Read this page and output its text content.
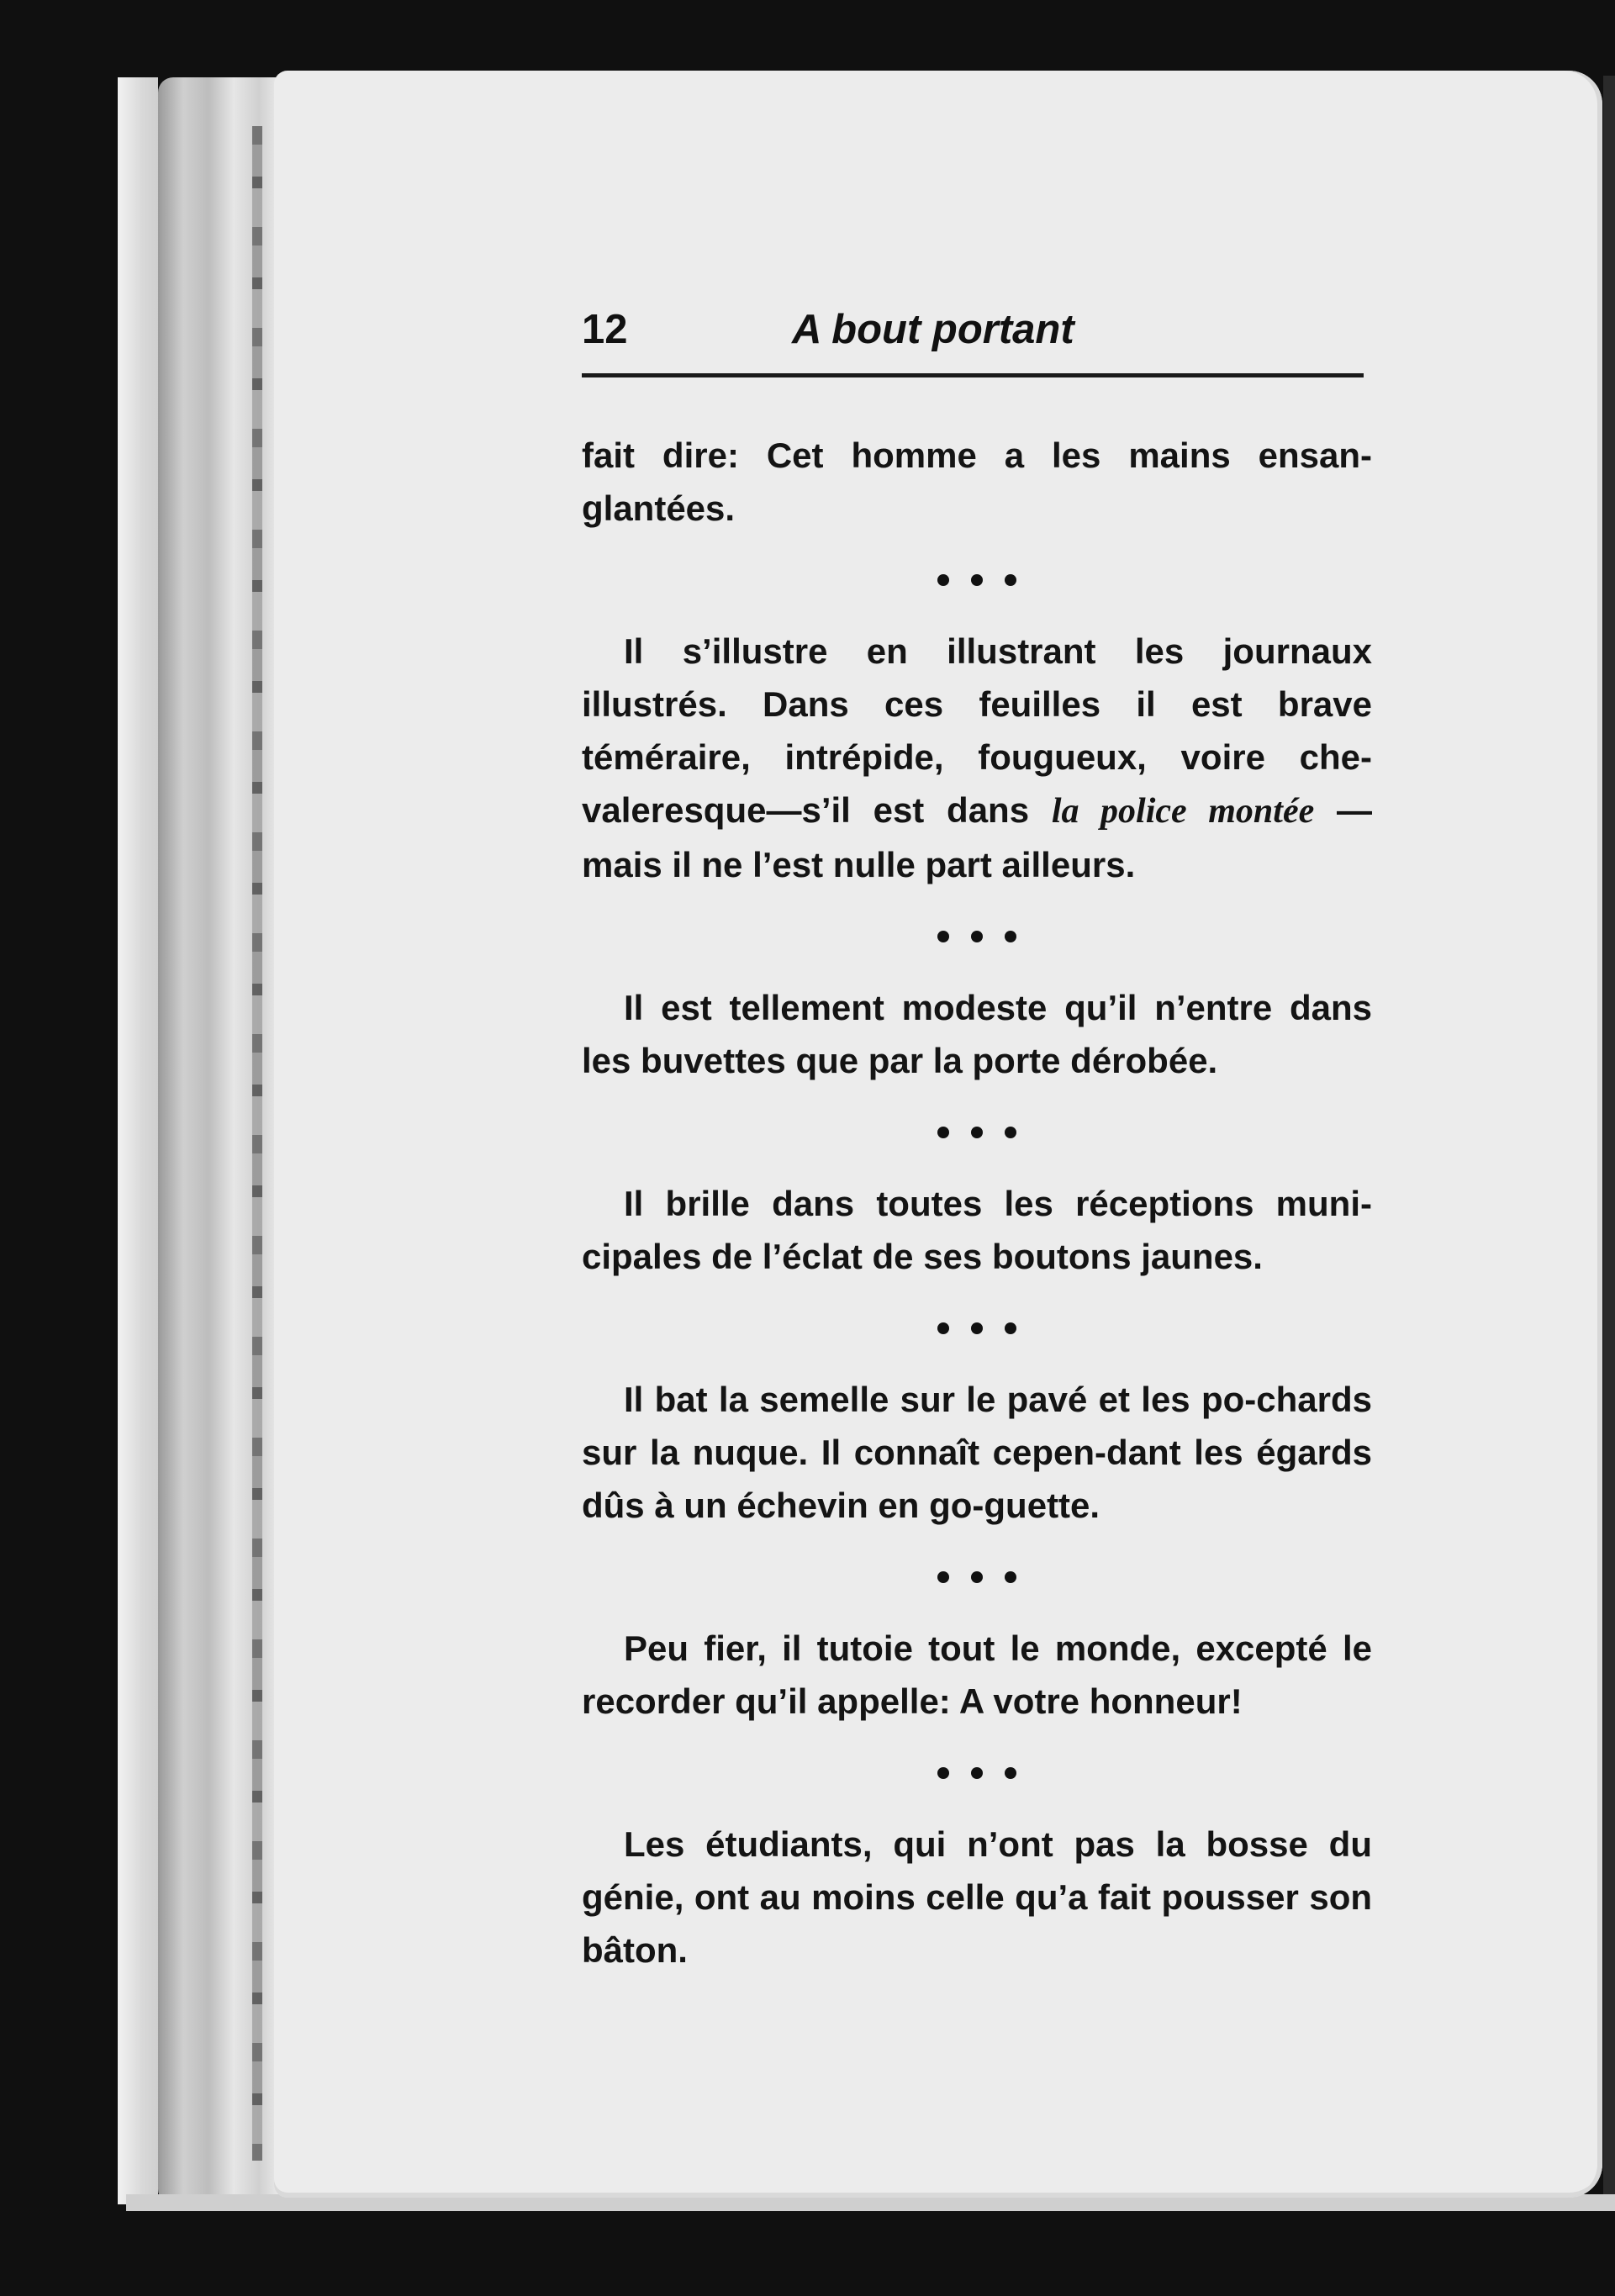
12	A bout portant

fait dire: Cet homme a les mains ensan-glantées.

Il s’illustre en illustrant les journaux illustrés. Dans ces feuilles il est brave téméraire, intrépide, fougueux, voire che-valeresque—s’il est dans la police montée —mais il ne l’est nulle part ailleurs.

Il est tellement modeste qu’il n’entre dans les buvettes que par la porte dérobée.

Il brille dans toutes les réceptions muni-cipales de l’éclat de ses boutons jaunes.

Il bat la semelle sur le pavé et les po-chards sur la nuque. Il connaît cepen-dant les égards dûs à un échevin en go-guette.

Peu fier, il tutoie tout le monde, excepté le recorder qu’il appelle: A votre honneur!

Les étudiants, qui n’ont pas la bosse du génie, ont au moins celle qu’a fait pousser son bâton.
